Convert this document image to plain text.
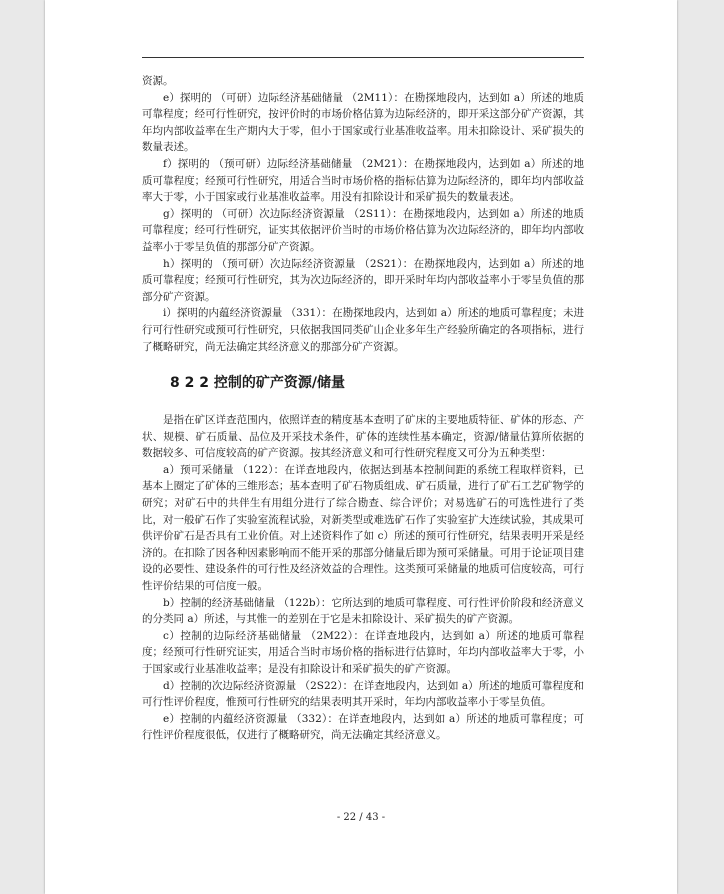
资源。

e）探明的 （可研）边际经济基础储量 （2M11）：在勘探地段内，达到如 a）所述的地质可靠程度；经可行性研究，按评价时的市场价格估算为边际经济的，即开采这部分矿产资源，其年均内部收益率在生产期内大于零，但小于国家或行业基准收益率。用未扣除设计、采矿损失的数量表述。

f）探明的 （预可研）边际经济基础储量 （2M21）：在勘探地段内，达到如 a）所述的地质可靠程度；经预可行性研究，用适合当时市场价格的指标估算为边际经济的，即年均内部收益率大于零，小于国家或行业基准收益率。用没有扣除设计和采矿损失的数量表述。

g）探明的 （可研）次边际经济资源量 （2S11）：在勘探地段内，达到如 a）所述的地质可靠程度；经可行性研究，证实其依据评价当时的市场价格估算为次边际经济的，即年均内部收益率小于零呈负值的那部分矿产资源。

h）探明的 （预可研）次边际经济资源量 （2S21）：在勘探地段内，达到如 a）所述的地质可靠程度；经预可行性研究，其为次边际经济的，即开采时年均内部收益率小于零呈负值的那部分矿产资源。

i）探明的内蕴经济资源量 （331）：在勘探地段内，达到如 a）所述的地质可靠程度；未进行可行性研究或预可行性研究，只依据我国同类矿山企业多年生产经验所确定的各项指标，进行了概略研究，尚无法确定其经济意义的那部分矿产资源。

8 2 2 控制的矿产资源/储量

是指在矿区详查范围内，依照详查的精度基本查明了矿床的主要地质特征、矿体的形态、产状、规模、矿石质量、品位及开采技术条件，矿体的连续性基本确定，资源/储量估算所依据的数据较多、可信度较高的矿产资源。按其经济意义和可行性研究程度又可分为五种类型：

a）预可采储量 （122）：在详查地段内，依据达到基本控制间距的系统工程取样资料，已基本上圈定了矿体的三维形态；基本查明了矿石物质组成、矿石质量，进行了矿石工艺矿物学的研究；对矿石中的共伴生有用组分进行了综合勘查、综合评价；对易选矿石的可选性进行了类比，对一般矿石作了实验室流程试验，对新类型或难选矿石作了实验室扩大连续试验，其成果可供评价矿石是否具有工业价值。对上述资料作了如 c）所述的预可行性研究，结果表明开采是经济的。在扣除了因各种因素影响而不能开采的那部分储量后即为预可采储量。可用于论证项目建设的必要性、建设条件的可行性及经济效益的合理性。这类预可采储量的地质可信度较高，可行性评价结果的可信度一般。

b）控制的经济基础储量 （122b）：它所达到的地质可靠程度、可行性评价阶段和经济意义的分类同 a）所述，与其惟一的差别在于它是未扣除设计、采矿损失的矿产资源。

c）控制的边际经济基础储量 （2M22）：在详查地段内，达到如 a）所述的地质可靠程度；经预可行性研究证实，用适合当时市场价格的指标进行估算时，年均内部收益率大于零，小于国家或行业基准收益率；是没有扣除设计和采矿损失的矿产资源。

d）控制的次边际经济资源量 （2S22）：在详查地段内，达到如 a）所述的地质可靠程度和可行性评价程度，惟预可行性研究的结果表明其开采时，年均内部收益率小于零呈负值。

e）控制的内蕴经济资源量 （332）：在详查地段内，达到如 a）所述的地质可靠程度；可行性评价程度很低，仅进行了概略研究，尚无法确定其经济意义。

- 22 / 43 -
